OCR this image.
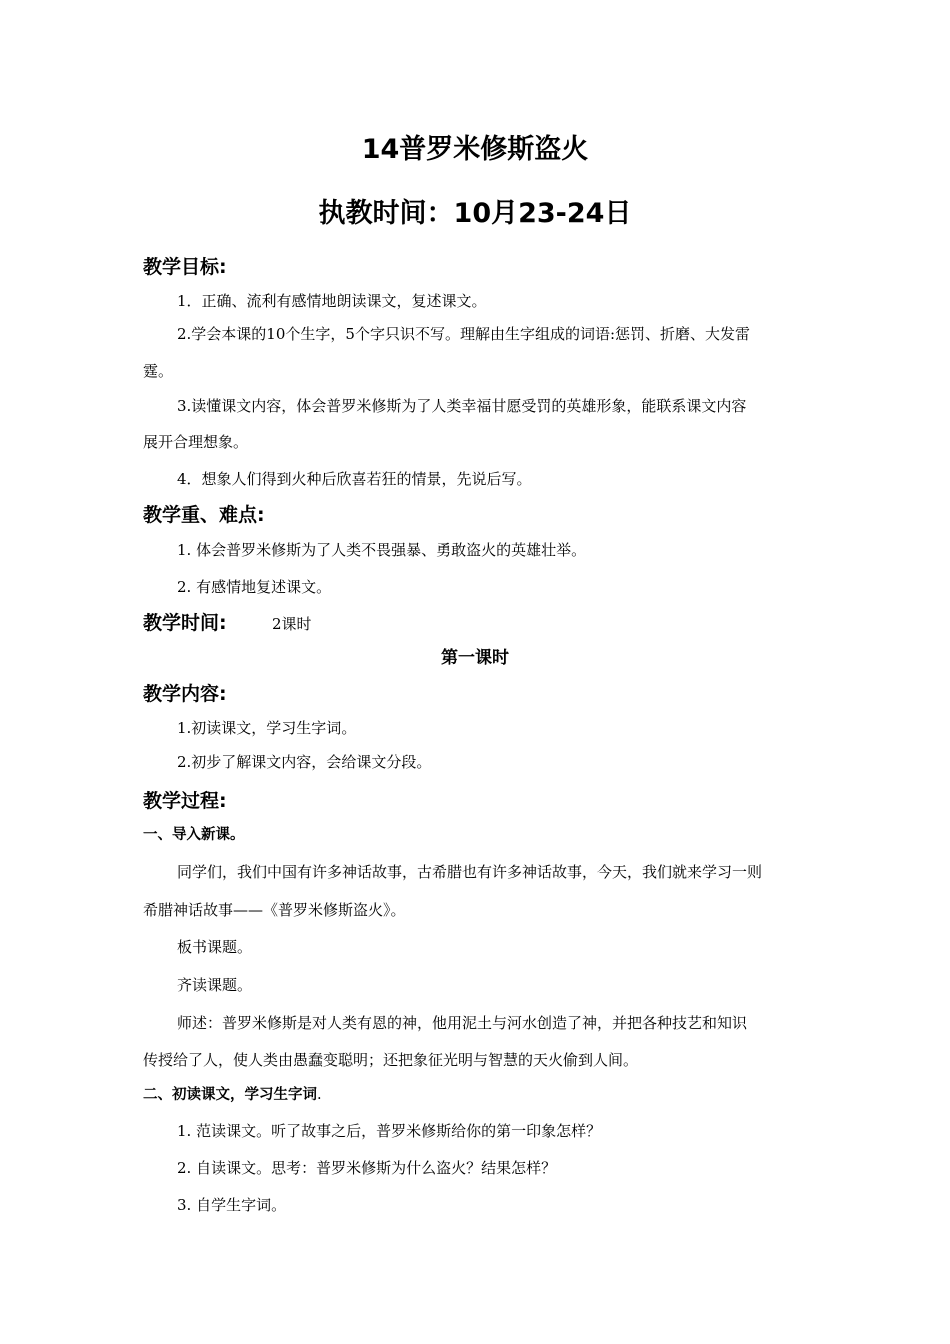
14普罗米修斯盗火
执教时间：10月23-24日
教学目标:
1．正确、流利有感情地朗读课文，复述课文。
2.学会本课的10个生字，5个字只识不写。理解由生字组成的词语:惩罚、折磨、大发雷
霆。
3.读懂课文内容，体会普罗米修斯为了人类幸福甘愿受罚的英雄形象，能联系课文内容
展开合理想象。
4．想象人们得到火种后欣喜若狂的情景，先说后写。
教学重、难点:
1. 体会普罗米修斯为了人类不畏强暴、勇敢盗火的英雄壮举。
2. 有感情地复述课文。
教学时间:	2课时
第一课时
教学内容:
1.初读课文，学习生字词。
2.初步了解课文内容，会给课文分段。
教学过程:
一、导入新课。
同学们，我们中国有许多神话故事，古希腊也有许多神话故事，今天，我们就来学习一则
希腊神话故事——《普罗米修斯盗火》。
板书课题。
齐读课题。
师述：普罗米修斯是对人类有恩的神，他用泥土与河水创造了神，并把各种技艺和知识
传授给了人，使人类由愚蠢变聪明；还把象征光明与智慧的天火偷到人间。
二、初读课文，学习生字词.
1. 范读课文。听了故事之后，普罗米修斯给你的第一印象怎样？
2. 自读课文。思考：普罗米修斯为什么盗火？结果怎样？
3. 自学生字词。
